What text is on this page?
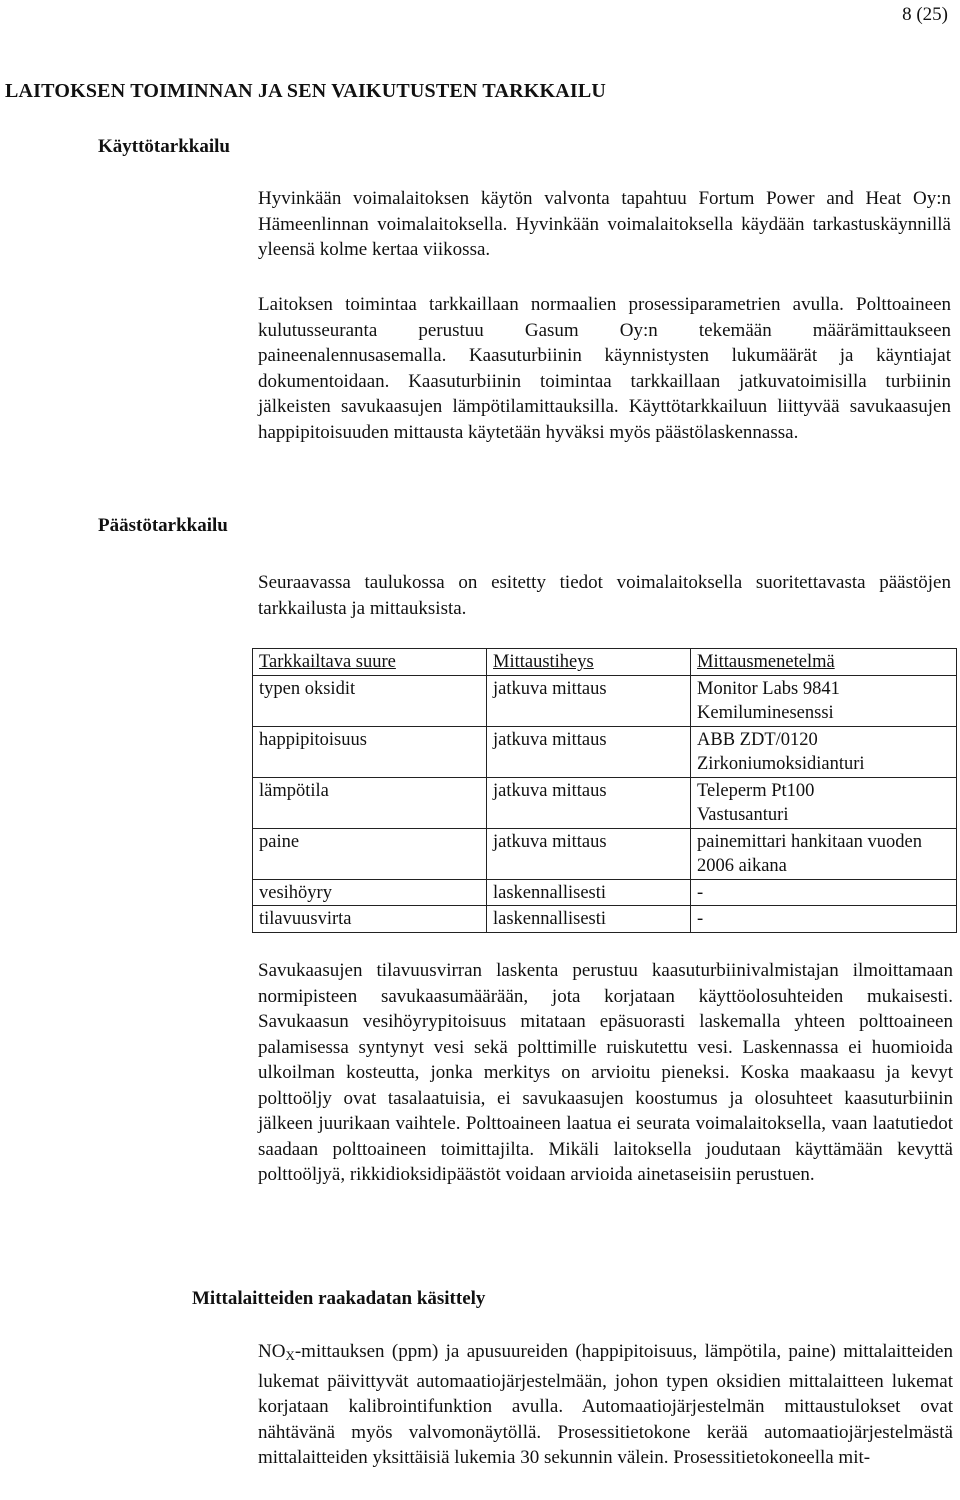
8 (25)
LAITOKSEN TOIMINNAN JA SEN VAIKUTUSTEN TARKKAILU
Käyttötarkkailu

Hyvinkään voimalaitoksen käytön valvonta tapahtuu Fortum Power and Heat Oy:n Hämeenlinnan voimalaitoksella. Hyvinkään voimalaitoksella käydään tarkastuskäynnillä yleensä kolme kertaa viikossa.

Laitoksen toimintaa tarkkaillaan normaalien prosessiparametrien avulla. Polttoaineen kulutusseuranta perustuu Gasum Oy:n tekemään määrämittaukseen paineenalennusasemalla. Kaasuturbiinin käynnistysten lukumäärät ja käyntiajat dokumentoidaan. Kaasuturbiinin toimintaa tarkkaillaan jatkuvatoimisilla turbiinin jälkeisten savukaasujen lämpötilamittauksilla. Käyttötarkkailuun liittyvää savukaasujen happipitoisuuden mittausta käytetään hyväksi myös päästölaskennassa.

Päästötarkkailu

Seuraavassa taulukossa on esitetty tiedot voimalaitoksella suoritettavasta päästöjen tarkkailusta ja mittauksista.

Tarkkailtava suure	Mittaustiheys	Mittausmenetelmä
typen oksidit	jatkuva mittaus	Monitor Labs 9841
Kemiluminesenssi

happipitoisuus	jatkuva mittaus	ABB ZDT/0120
Zirkoniumoksidianturi

lämpötila	jatkuva mittaus	Teleperm Pt100
Vastusanturi

paine	jatkuva mittaus	painemittari hankitaan vuoden 2006 aikana
vesihöyry	laskennallisesti	-
tilavuusvirta	laskennallisesti	-

Savukaasujen tilavuusvirran laskenta perustuu kaasuturbiinivalmistajan ilmoittamaan normipisteen savukaasumäärään, jota korjataan käyttöolosuhteiden mukaisesti. Savukaasun vesihöyrypitoisuus mitataan epäsuorasti laskemalla yhteen polttoaineen palamisessa syntynyt vesi sekä polttimille ruiskutettu vesi. Laskennassa ei huomioida ulkoilman kosteutta, jonka merkitys on arvioitu pieneksi. Koska maakaasu ja kevyt polttoöljy ovat tasalaatuisia, ei savukaasujen koostumus ja olosuhteet kaasuturbiinin jälkeen juurikaan vaihtele. Polttoaineen laatua ei seurata voimalaitoksella, vaan laatutiedot saadaan polttoaineen toimittajilta. Mikäli laitoksella joudutaan käyttämään kevyttä polttoöljyä, rikkidioksidipäästöt voidaan arvioida ainetaseisiin perustuen.

Mittalaitteiden raakadatan käsittely

$NO_X$-mittauksen (ppm) ja apusuureiden (happipitoisuus, lämpötila, paine) mittalaitteiden lukemat päivittyvät automaatiojärjestelmään, johon typen oksidien mittalaitteen lukemat korjataan kalibrointifunktion avulla. Automaatiojärjestelmän mittaustulokset ovat nähtävänä myös valvomonäytöllä. Prosessitietokone kerää automaatiojärjestelmästä mittalaitteiden yksittäisiä lukemia 30 sekunnin välein. Prosessitietokoneella mit-
